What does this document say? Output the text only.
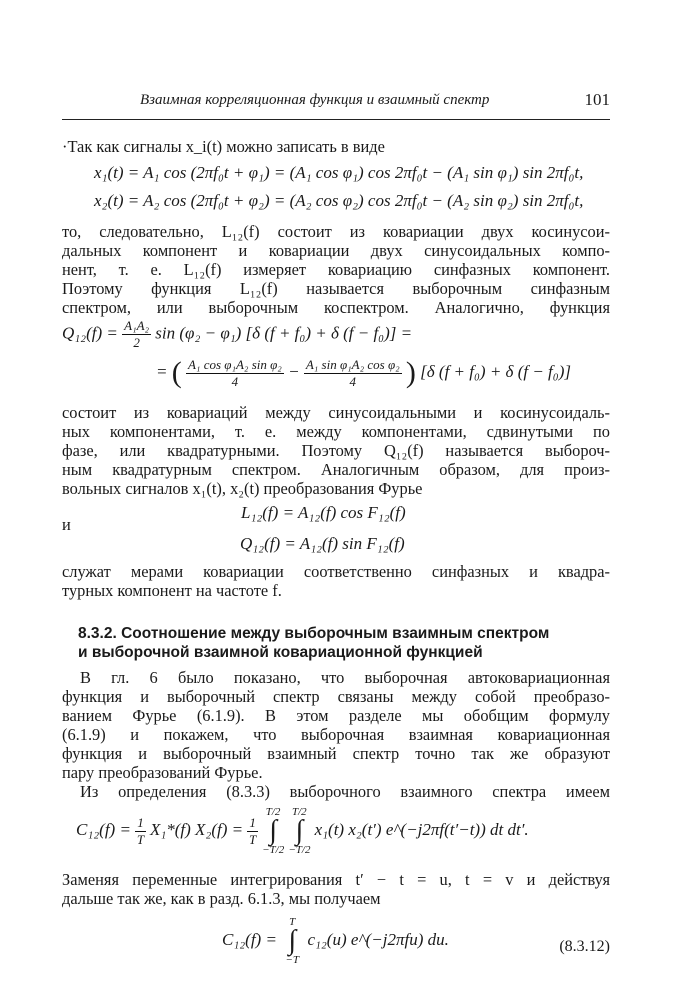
Взаимная корреляционная функция и взаимный спектр	101
·Так как сигналы x_i(t) можно записать в виде
x₁(t) = A₁ cos (2πf₀t + φ₁) = (A₁ cos φ₁) cos 2πf₀t − (A₁ sin φ₁) sin 2πf₀t,
x₂(t) = A₂ cos (2πf₀t + φ₂) = (A₂ cos φ₂) cos 2πf₀t − (A₂ sin φ₂) sin 2πf₀t,
то, следовательно, L₁₂(f) состоит из ковариации двух косинусои-
дальных компонент и ковариации двух синусоидальных компо-
нент, т. е. L₁₂(f) измеряет ковариацию синфазных компонент.
Поэтому функция L₁₂(f) называется выборочным синфазным
спектром, или выборочным коспектром. Аналогично, функция
$Q_{12}(f) = \frac{\text{A₁A₂}}{2}$ sin (φ₂ − φ₁) [δ (f + f₀) + δ (f − f₀)] =
= ( $\frac{\text{A₁ cos φ₁A₂ sin φ₂}}{4} - \frac{\text{A₁ sin φ₁A₂ cos φ₂}}{4}$ ) [δ (f + f₀) + δ (f − f₀)]
состоит из ковариаций между синусоидальными и косинусоидаль-
ных компонентами, т. е. между компонентами, сдвинутыми по
фазе, или квадратурными. Поэтому Q₁₂(f) называется выбороч-
ным квадратурным спектром. Аналогичным образом, для произ-
вольных сигналов x₁(t), x₂(t) преобразования Фурье
L₁₂(f) = A₁₂(f) cos F₁₂(f)
и
Q₁₂(f) = A₁₂(f) sin F₁₂(f)
служат мерами ковариации соответственно синфазных и квадра-
турных компонент на частоте f.
8.3.2. Соотношение между выборочным взаимным спектром
и выборочной взаимной ковариационной функцией
В гл. 6 было показано, что выборочная автоковариационная
функция и выборочный спектр связаны между собой преобразо-
ванием Фурье (6.1.9). В этом разделе мы обобщим формулу
(6.1.9) и покажем, что выборочная взаимная ковариационная
функция и выборочный взаимный спектр точно так же образуют
пару преобразований Фурье.
Из определения (8.3.3) выборочного взаимного спектра имеем
$C_{12}(f) = \frac{1}{T} X_1*(f) X_2(f) = \frac{1}{T}$

T/2
∫
−T/2

T/2
∫
−T/2
x₁(t) x₂(t′) e^(−j2πf(t′−t)) dt dt′.
Заменяя переменные интегрирования t′ − t = u, t = v и действуя
дальше так же, как в разд. 6.1.3, мы получаем
C₁₂(f) =
T
∫
−T
c₁₂(u) e^(−j2πfu) du.	(8.3.12)
